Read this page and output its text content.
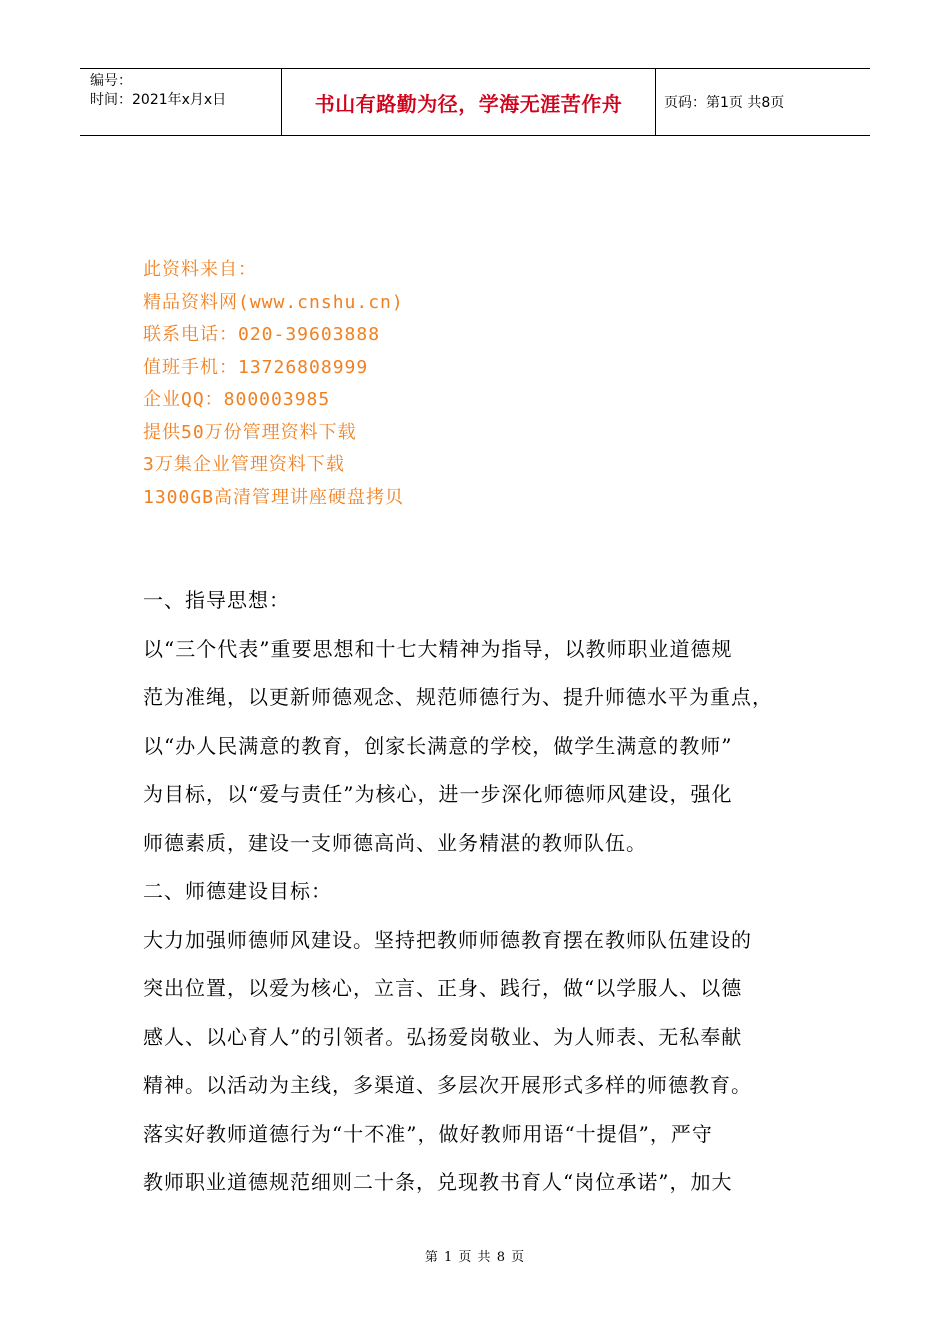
编号：
时间：2021年x月x日	书山有路勤为径，学海无涯苦作舟	页码：第1页 共8页
此资料来自：
精品资料网(www.cnshu.cn)
联系电话：020-39603888
值班手机：13726808999
企业QQ：800003985
提供50万份管理资料下载
3万集企业管理资料下载
1300GB高清管理讲座硬盘拷贝
一、指导思想：
以“三个代表”重要思想和十七大精神为指导，以教师职业道德规
范为准绳，以更新师德观念、规范师德行为、提升师德水平为重点，
以“办人民满意的教育，创家长满意的学校，做学生满意的教师”
为目标，以“爱与责任”为核心，进一步深化师德师风建设，强化
师德素质，建设一支师德高尚、业务精湛的教师队伍。
二、师德建设目标：
大力加强师德师风建设。坚持把教师师德教育摆在教师队伍建设的
突出位置，以爱为核心，立言、正身、践行，做“以学服人、以德
感人、以心育人”的引领者。弘扬爱岗敬业、为人师表、无私奉献
精神。以活动为主线，多渠道、多层次开展形式多样的师德教育。
落实好教师道德行为“十不准”，做好教师用语“十提倡”，严守
教师职业道德规范细则二十条，兑现教书育人“岗位承诺”，加大
第 1 页 共 8 页
